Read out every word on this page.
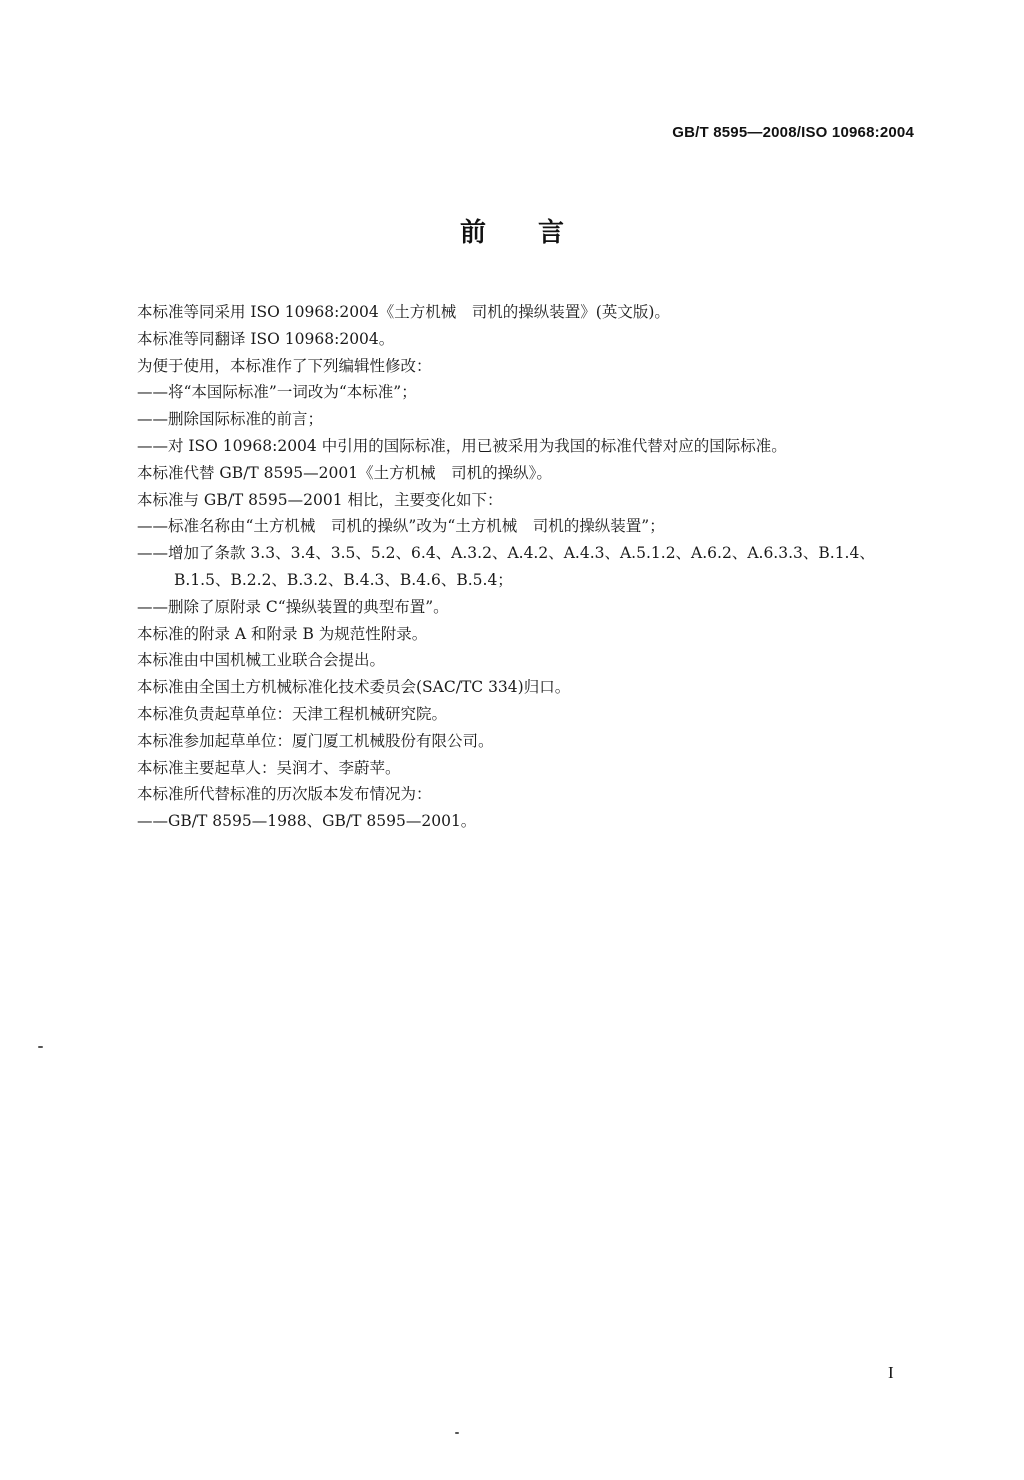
GB/T 8595—2008/ISO 10968:2004
前言
本标准等同采用 ISO 10968:2004《土方机械　司机的操纵装置》(英文版)。
本标准等同翻译 ISO 10968:2004。
为便于使用，本标准作了下列编辑性修改：
——将“本国际标准”一词改为“本标准”；
——删除国际标准的前言；
——对 ISO 10968:2004 中引用的国际标准，用已被采用为我国的标准代替对应的国际标准。
本标准代替 GB/T 8595—2001《土方机械　司机的操纵》。
本标准与 GB/T 8595—2001 相比，主要变化如下：
——标准名称由“土方机械　司机的操纵”改为“土方机械　司机的操纵装置”；
——增加了条款 3.3、3.4、3.5、5.2、6.4、A.3.2、A.4.2、A.4.3、A.5.1.2、A.6.2、A.6.3.3、B.1.4、
B.1.5、B.2.2、B.3.2、B.4.3、B.4.6、B.5.4；
——删除了原附录 C“操纵装置的典型布置”。
本标准的附录 A 和附录 B 为规范性附录。
本标准由中国机械工业联合会提出。
本标准由全国土方机械标准化技术委员会(SAC/TC 334)归口。
本标准负责起草单位：天津工程机械研究院。
本标准参加起草单位：厦门厦工机械股份有限公司。
本标准主要起草人：吴润才、李蔚苹。
本标准所代替标准的历次版本发布情况为：
——GB/T 8595—1988、GB/T 8595—2001。
I
